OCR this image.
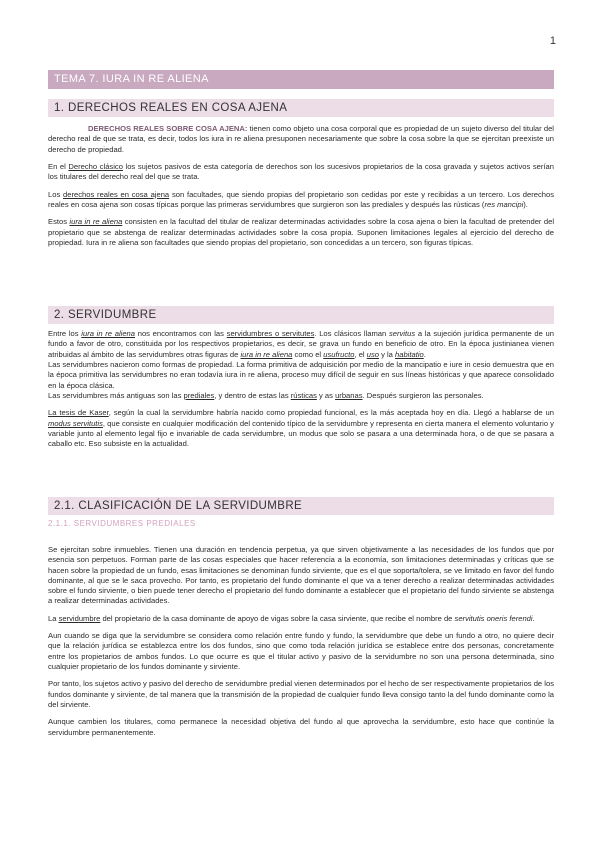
1
TEMA 7. IURA IN RE ALIENA
1. DERECHOS REALES EN COSA AJENA

DERECHOS REALES SOBRE COSA AJENA: tienen como objeto una cosa corporal que es propiedad de un sujeto diverso del titular del derecho real de que se trata, es decir, todos los iura in re aliena presuponen necesariamente que sobre la cosa sobre la que se ejercitan preexiste un derecho de propiedad.

En el Derecho clásico los sujetos pasivos de esta categoría de derechos son los sucesivos propietarios de la cosa gravada y sujetos activos serían los titulares del derecho real del que se trata.

Los derechos reales en cosa ajena son facultades, que siendo propias del propietario son cedidas por este y recibidas a un tercero. Los derechos reales en cosa ajena son cosas típicas porque las primeras servidumbres que surgieron son las prediales y después las rústicas (res mancipi).

Estos iura in re aliena consisten en la facultad del titular de realizar determinadas actividades sobre la cosa ajena o bien la facultad de pretender del propietario que se abstenga de realizar determinadas actividades sobre la cosa propia. Suponen limitaciones legales al ejercicio del derecho de propiedad. Iura in re aliena son facultades que siendo propias del propietario, son concedidas a un tercero, son figuras típicas.

2. SERVIDUMBRE

Entre los iura in re aliena nos encontramos con las servidumbres o servitutes. Los clásicos llaman servitus a la sujeción jurídica permanente de un fundo a favor de otro, constituida por los respectivos propietarios, es decir, se grava un fundo en beneficio de otro. En la época justinianea vienen atribuidas al ámbito de las servidumbres otras figuras de iura in re aliena como el usufructo, el uso y la habitatio.

Las servidumbres nacieron como formas de propiedad. La forma primitiva de adquisición por medio de la mancipatio e iure in cesio demuestra que en la época primitiva las servidumbres no eran todavía iura in re aliena, proceso muy difícil de seguir en sus líneas históricas y que aparece consolidado en la época clásica.

Las servidumbres más antiguas son las prediales, y dentro de estas las rústicas y as urbanas. Después surgieron las personales.

La tesis de Kaser, según la cual la servidumbre habría nacido como propiedad funcional, es la más aceptada hoy en día. Llegó a hablarse de un modus servitutis, que consiste en cualquier modificación del contenido típico de la servidumbre y representa en cierta manera el elemento voluntario y variable junto al elemento legal fijo e invariable de cada servidumbre, un modus que solo se pasara a una determinada hora, o de que se pasara a caballo etc. Eso subsiste en la actualidad.

2.1. CLASIFICACIÓN DE LA SERVIDUMBRE

2.1.1. SERVIDUMBRES PREDIALES

Se ejercitan sobre inmuebles. Tienen una duración en tendencia perpetua, ya que sirven objetivamente a las necesidades de los fundos que por esencia son perpetuos. Forman parte de las cosas especiales que hacer referencia a la economía, son limitaciones determinadas y críticas que se hacen sobre la propiedad de un fundo, esas limitaciones se denominan fundo sirviente, que es el que soporta/tolera, se ve limitado en favor del fundo dominante, al que se le saca provecho. Por tanto, es propietario del fundo dominante el que va a tener derecho a realizar determinadas actividades sobre el fundo sirviente, o bien puede tener derecho el propietario del fundo dominante a establecer que el propietario del fundo sirviente se abstenga a realizar determinadas actividades.

La servidumbre del propietario de la casa dominante de apoyo de vigas sobre la casa sirviente, que recibe el nombre de servitutis oneris ferendi.

Aun cuando se diga que la servidumbre se considera como relación entre fundo y fundo, la servidumbre que debe un fundo a otro, no quiere decir que la relación jurídica se establezca entre los dos fundos, sino que como toda relación jurídica se establece entre dos personas, concretamente entre los propietarios de ambos fundos. Lo que ocurre es que el titular activo y pasivo de la servidumbre no son una persona determinada, sino cualquier propietario de los fundos dominante y sirviente.

Por tanto, los sujetos activo y pasivo del derecho de servidumbre predial vienen determinados por el hecho de ser respectivamente propietarios de los fundos dominante y sirviente, de tal manera que la transmisión de la propiedad de cualquier fundo lleva consigo tanto la del fundo dominante como la del sirviente.

Aunque cambien los titulares, como permanece la necesidad objetiva del fundo al que aprovecha la servidumbre, esto hace que continúe la servidumbre permanentemente.
